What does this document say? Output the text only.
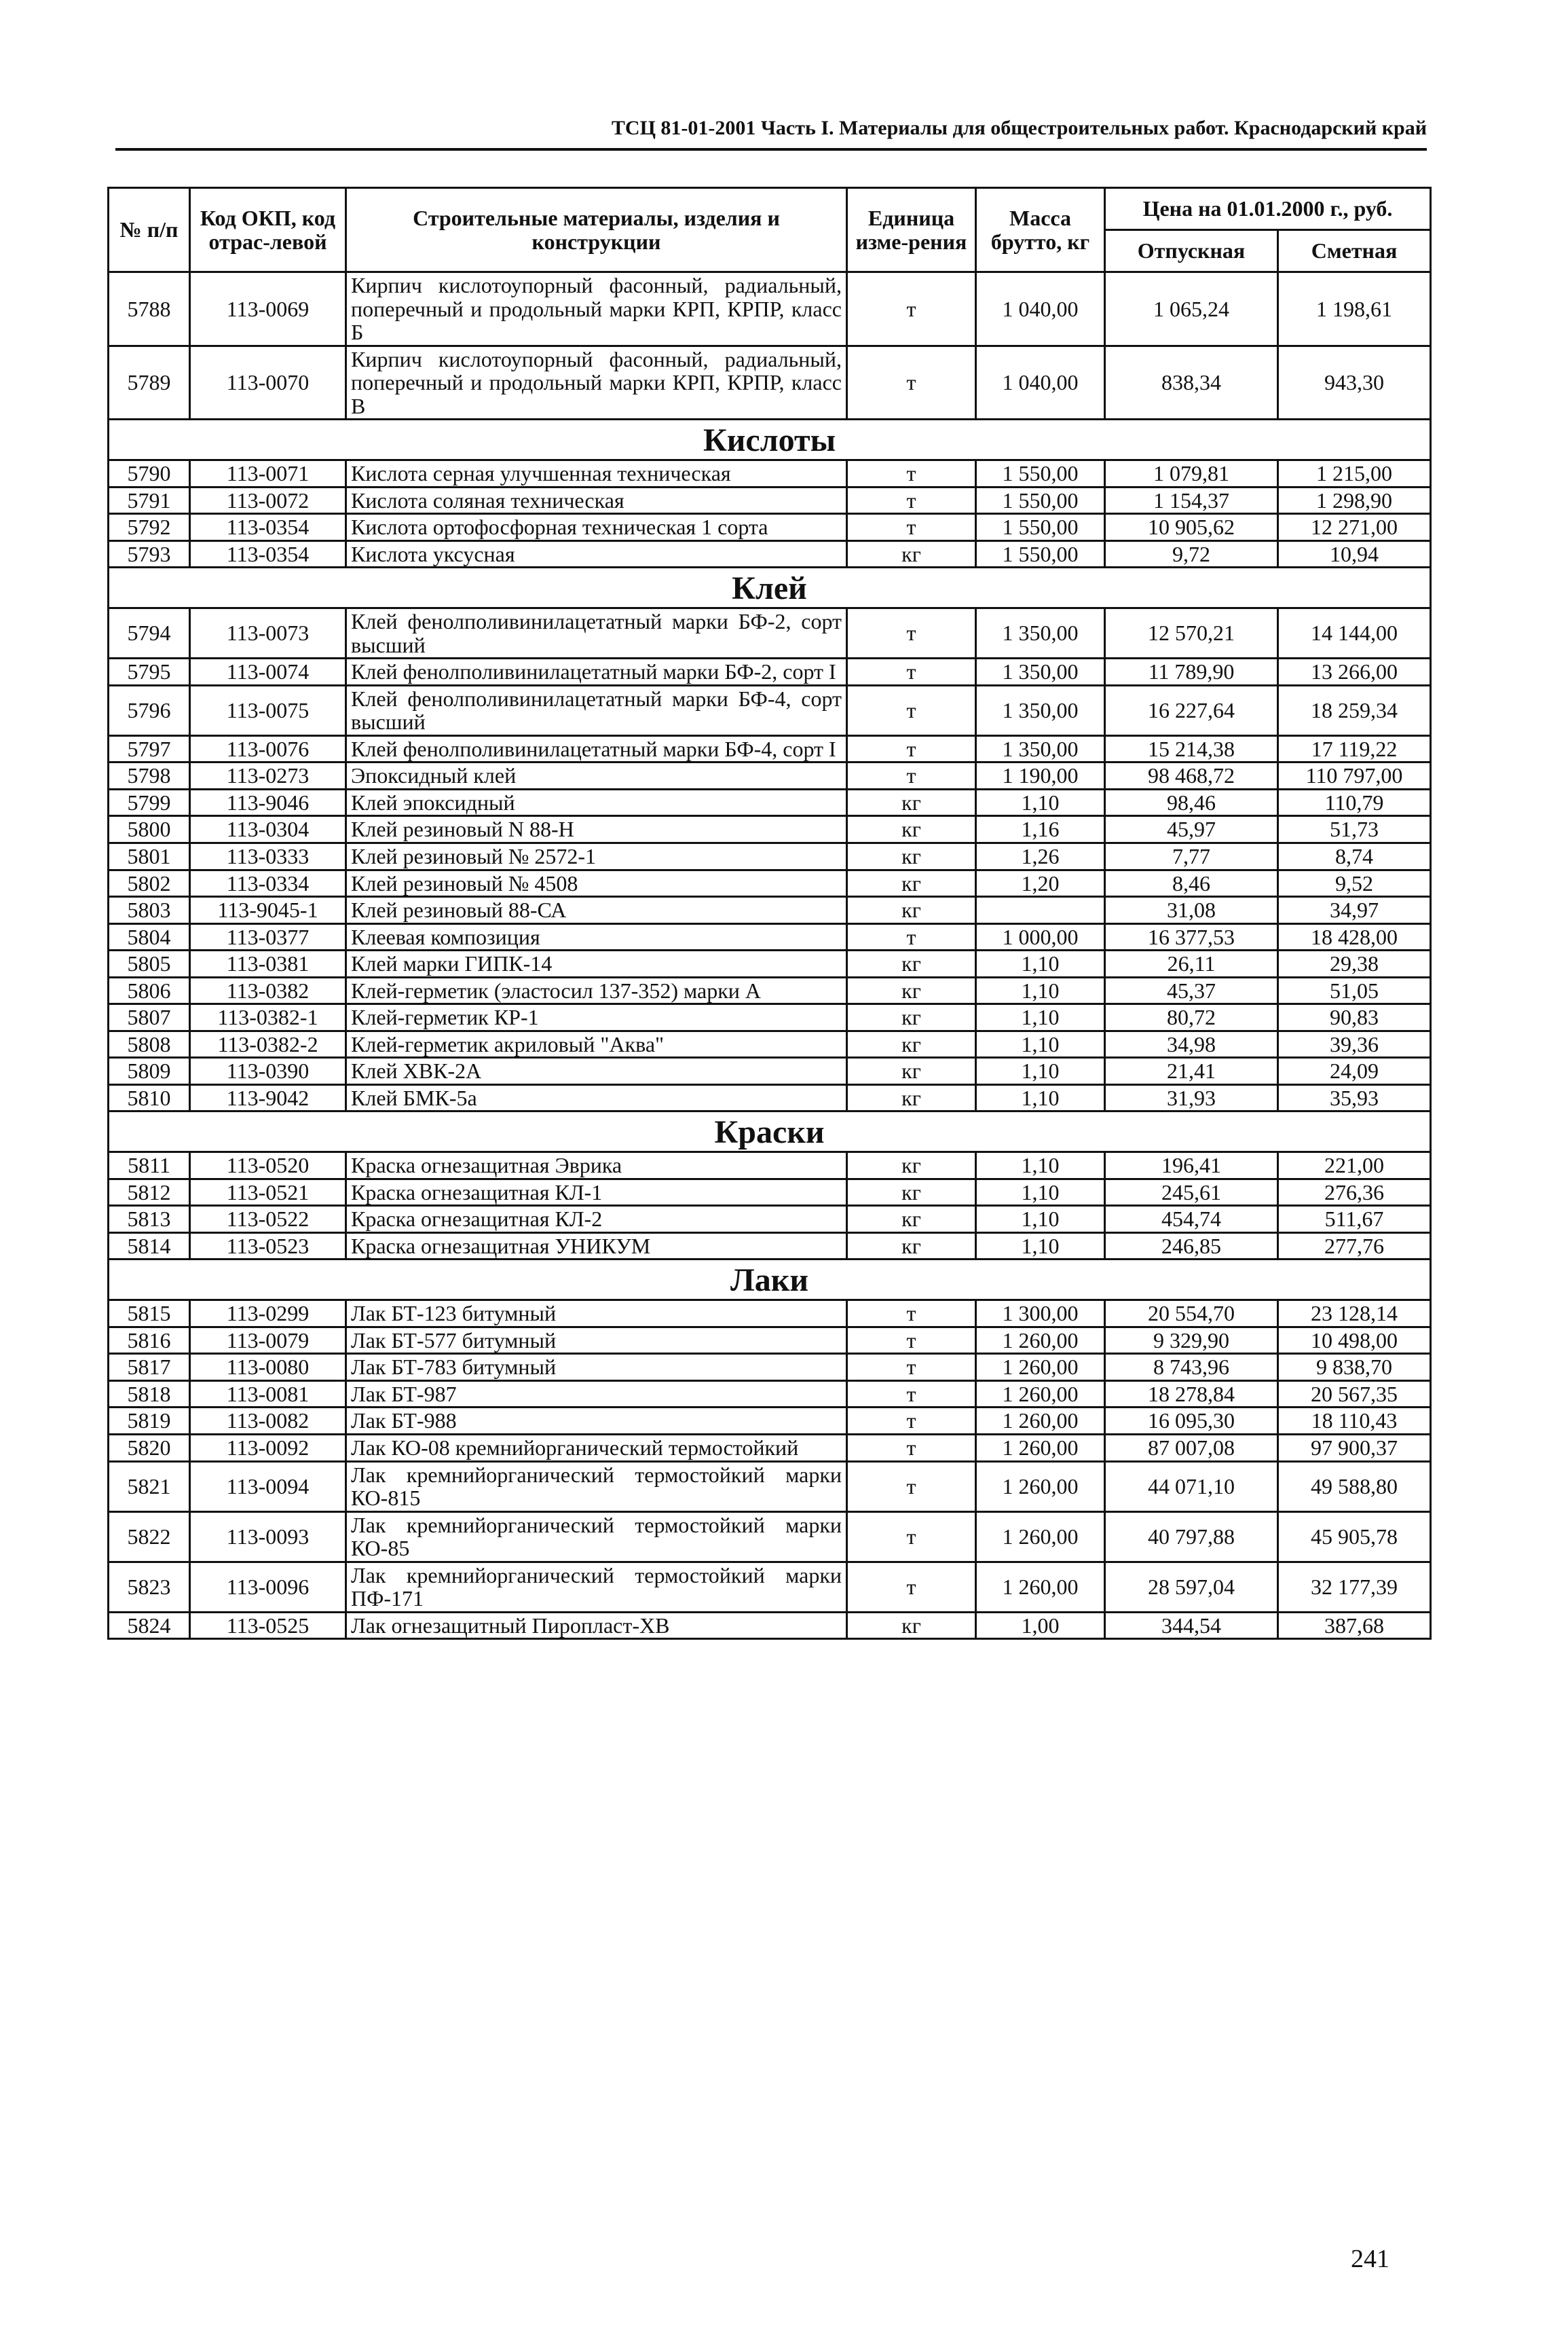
ТСЦ 81-01-2001 Часть I. Материалы для общестроительных работ. Краснодарский край
№ п/п	Код ОКП, код отрас-левой	Строительные материалы, изделия и конструкции	Единица изме-рения	Масса брутто, кг	Цена на 01.01.2000 г., руб.	
					Отпускная	Сметная
5788	113-0069	Кирпич кислотоупорный фасонный, радиальный, поперечный и продольный марки КРП, КРПР, класс Б	т	1 040,00	1 065,24	1 198,61
5789	113-0070	Кирпич кислотоупорный фасонный, радиальный, поперечный и продольный марки КРП, КРПР, класс В	т	1 040,00	838,34	943,30
Кислоты						
5790	113-0071	Кислота серная улучшенная техническая	т	1 550,00	1 079,81	1 215,00
5791	113-0072	Кислота соляная техническая	т	1 550,00	1 154,37	1 298,90
5792	113-0354	Кислота ортофосфорная техническая 1 сорта	т	1 550,00	10 905,62	12 271,00
5793	113-0354	Кислота уксусная	кг	1 550,00	9,72	10,94
Клей						
5794	113-0073	Клей фенолполивинилацетатный марки БФ-2, сорт высший	т	1 350,00	12 570,21	14 144,00
5795	113-0074	Клей фенолполивинилацетатный марки БФ-2, сорт I	т	1 350,00	11 789,90	13 266,00
5796	113-0075	Клей фенолполивинилацетатный марки БФ-4, сорт высший	т	1 350,00	16 227,64	18 259,34
5797	113-0076	Клей фенолполивинилацетатный марки БФ-4, сорт I	т	1 350,00	15 214,38	17 119,22
5798	113-0273	Эпоксидный клей	т	1 190,00	98 468,72	110 797,00
5799	113-9046	Клей эпоксидный	кг	1,10	98,46	110,79
5800	113-0304	Клей резиновый N 88-Н	кг	1,16	45,97	51,73
5801	113-0333	Клей резиновый № 2572-1	кг	1,26	7,77	8,74
5802	113-0334	Клей резиновый № 4508	кг	1,20	8,46	9,52
5803	113-9045-1	Клей резиновый 88-СА	кг		31,08	34,97
5804	113-0377	Клеевая композиция	т	1 000,00	16 377,53	18 428,00
5805	113-0381	Клей марки ГИПК-14	кг	1,10	26,11	29,38
5806	113-0382	Клей-герметик (эластосил 137-352) марки А	кг	1,10	45,37	51,05
5807	113-0382-1	Клей-герметик КР-1	кг	1,10	80,72	90,83
5808	113-0382-2	Клей-герметик акриловый "Аква"	кг	1,10	34,98	39,36
5809	113-0390	Клей ХВК-2А	кг	1,10	21,41	24,09
5810	113-9042	Клей БМК-5а	кг	1,10	31,93	35,93
Краски						
5811	113-0520	Краска огнезащитная Эврика	кг	1,10	196,41	221,00
5812	113-0521	Краска огнезащитная КЛ-1	кг	1,10	245,61	276,36
5813	113-0522	Краска огнезащитная КЛ-2	кг	1,10	454,74	511,67
5814	113-0523	Краска огнезащитная УНИКУМ	кг	1,10	246,85	277,76
Лаки						
5815	113-0299	Лак БТ-123 битумный	т	1 300,00	20 554,70	23 128,14
5816	113-0079	Лак БТ-577 битумный	т	1 260,00	9 329,90	10 498,00
5817	113-0080	Лак БТ-783 битумный	т	1 260,00	8 743,96	9 838,70
5818	113-0081	Лак БТ-987	т	1 260,00	18 278,84	20 567,35
5819	113-0082	Лак БТ-988	т	1 260,00	16 095,30	18 110,43
5820	113-0092	Лак КО-08 кремнийорганический термостойкий	т	1 260,00	87 007,08	97 900,37
5821	113-0094	Лак кремнийорганический термостойкий марки КО-815	т	1 260,00	44 071,10	49 588,80
5822	113-0093	Лак кремнийорганический термостойкий марки КО-85	т	1 260,00	40 797,88	45 905,78
5823	113-0096	Лак кремнийорганический термостойкий марки ПФ-171	т	1 260,00	28 597,04	32 177,39
5824	113-0525	Лак огнезащитный Пиропласт-ХВ	кг	1,00	344,54	387,68
241
